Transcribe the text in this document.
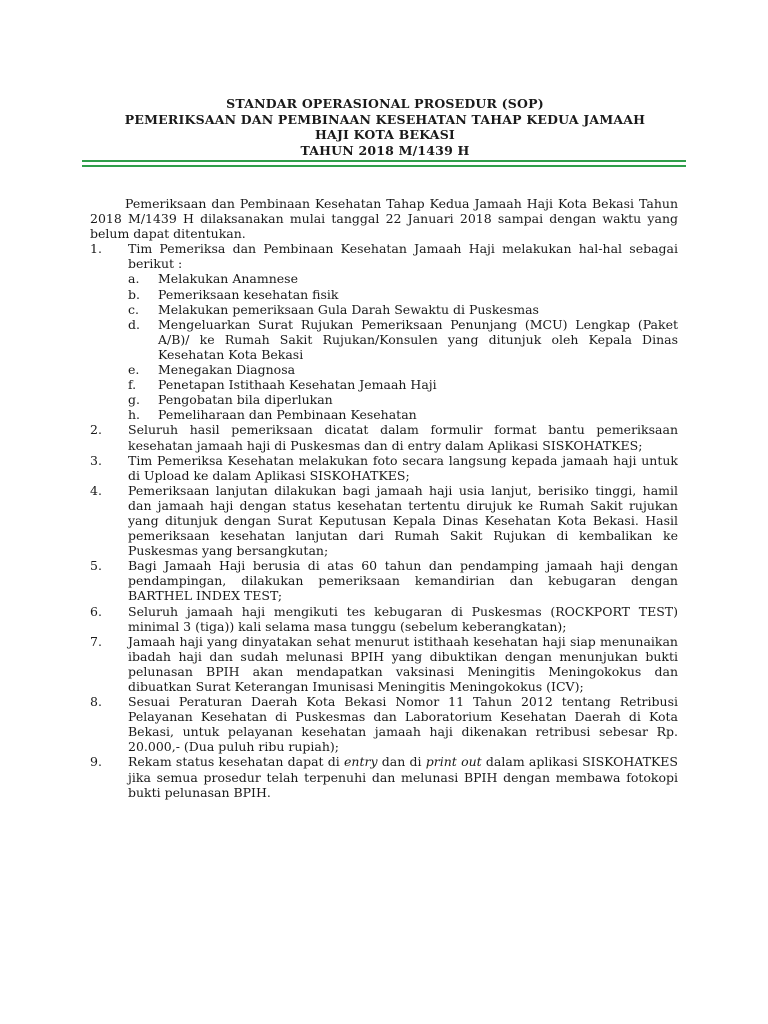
STANDAR OPERASIONAL PROSEDUR (SOP)
PEMERIKSAAN DAN PEMBINAAN KESEHATAN TAHAP KEDUA JAMAAH
HAJI KOTA BEKASI
TAHUN 2018 M/1439 H

Pemeriksaan dan Pembinaan Kesehatan Tahap Kedua Jamaah Haji Kota Bekasi Tahun 2018 M/1439 H dilaksanakan mulai tanggal 22 Januari 2018 sampai dengan waktu yang belum dapat ditentukan.

1. Tim Pemeriksa dan Pembinaan Kesehatan Jamaah Haji melakukan hal-hal sebagai berikut :
a. Melakukan Anamnese
b. Pemeriksaan kesehatan fisik
c. Melakukan pemeriksaan Gula Darah Sewaktu di Puskesmas
d. Mengeluarkan Surat Rujukan Pemeriksaan Penunjang (MCU) Lengkap (Paket A/B)/ ke Rumah Sakit Rujukan/Konsulen yang ditunjuk oleh Kepala Dinas Kesehatan Kota Bekasi
e. Menegakan Diagnosa
f. Penetapan Istithaah Kesehatan Jemaah Haji
g. Pengobatan bila diperlukan
h. Pemeliharaan dan Pembinaan Kesehatan
2. Seluruh hasil pemeriksaan dicatat dalam formulir format bantu pemeriksaan kesehatan jamaah haji di Puskesmas dan di entry dalam Aplikasi SISKOHATKES;
3. Tim Pemeriksa Kesehatan melakukan foto secara langsung kepada jamaah haji untuk di Upload ke dalam Aplikasi SISKOHATKES;
4. Pemeriksaan lanjutan dilakukan bagi jamaah haji usia lanjut, berisiko tinggi, hamil dan jamaah haji dengan status kesehatan tertentu dirujuk ke Rumah Sakit rujukan yang ditunjuk dengan Surat Keputusan Kepala Dinas Kesehatan Kota Bekasi. Hasil pemeriksaan kesehatan lanjutan dari Rumah Sakit Rujukan di kembalikan ke Puskesmas yang bersangkutan;
5. Bagi Jamaah Haji berusia di atas 60 tahun dan pendamping jamaah haji dengan pendampingan, dilakukan pemeriksaan kemandirian dan kebugaran dengan BARTHEL INDEX TEST;
6. Seluruh jamaah haji mengikuti tes kebugaran di Puskesmas (ROCKPORT TEST) minimal 3 (tiga)) kali selama masa tunggu (sebelum keberangkatan);
7. Jamaah haji yang dinyatakan sehat menurut istithaah kesehatan haji siap menunaikan ibadah haji dan sudah melunasi BPIH yang dibuktikan dengan menunjukan bukti pelunasan BPIH akan mendapatkan vaksinasi Meningitis Meningokokus dan dibuatkan Surat Keterangan Imunisasi Meningitis Meningokokus (ICV);
8. Sesuai Peraturan Daerah Kota Bekasi Nomor 11 Tahun 2012 tentang Retribusi Pelayanan Kesehatan di Puskesmas dan Laboratorium Kesehatan Daerah di Kota Bekasi, untuk pelayanan kesehatan jamaah haji dikenakan retribusi sebesar Rp. 20.000,- (Dua puluh ribu rupiah);
9. Rekam status kesehatan dapat di entry dan di print out dalam aplikasi SISKOHATKES jika semua prosedur telah terpenuhi dan melunasi BPIH dengan membawa fotokopi bukti pelunasan BPIH.
